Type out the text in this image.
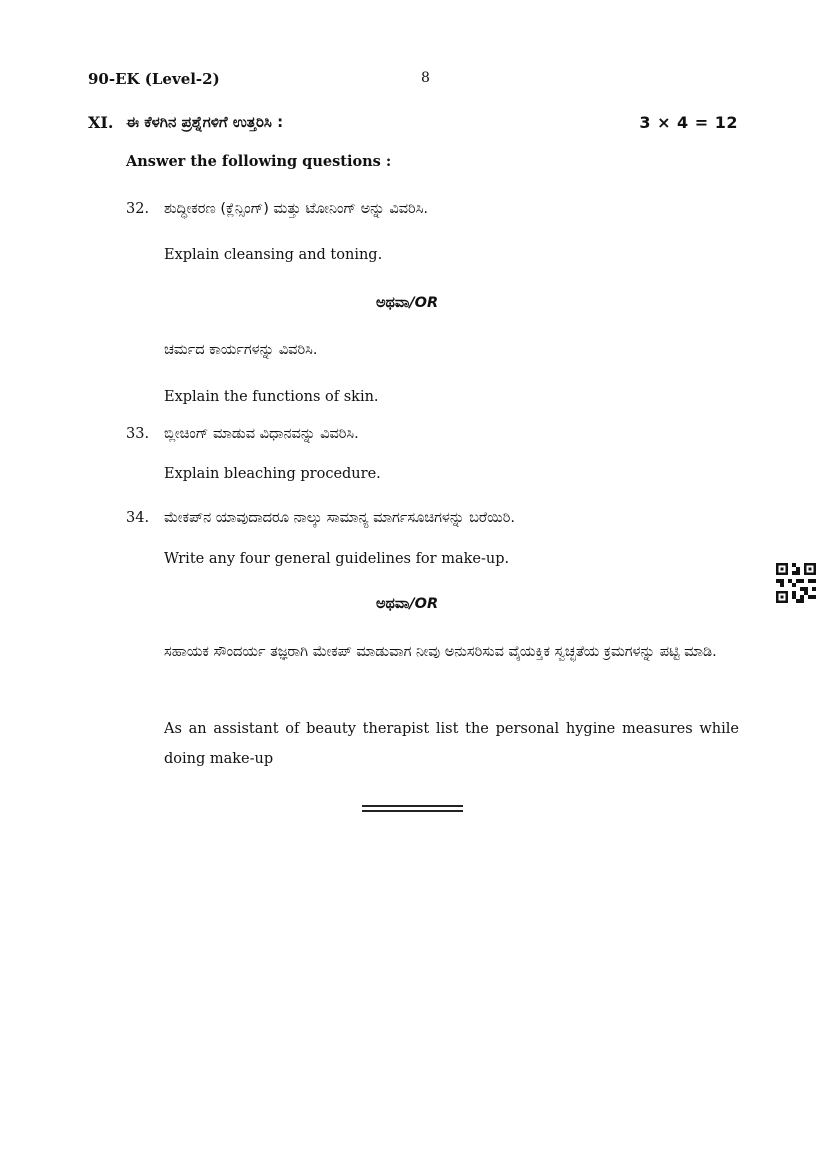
90-EK (Level-2)	8
XI. ಈ ಕೆಳಗಿನ ಪ್ರಶ್ನೆಗಳಿಗೆ ಉತ್ತರಿಸಿ :	3 × 4 = 12
Answer the following questions :
32. ಶುದ್ಧೀಕರಣ (ಕ್ಲೆನ್ಸಿಂಗ್) ಮತ್ತು ಟೋನಿಂಗ್ ಅನ್ನು ವಿವರಿಸಿ.
Explain cleansing and toning.
ಅಥವಾ/OR
ಚರ್ಮದ ಕಾರ್ಯಗಳನ್ನು ವಿವರಿಸಿ.
Explain the functions of skin.
33. ಬ್ಲೀಚಿಂಗ್ ಮಾಡುವ ವಿಧಾನವನ್ನು ವಿವರಿಸಿ.
Explain bleaching procedure.
34. ಮೇಕಪ್‌ನ ಯಾವುದಾದರೂ ನಾಲ್ಕು ಸಾಮಾನ್ಯ ಮಾರ್ಗಸೂಚಿಗಳನ್ನು ಬರೆಯಿರಿ.
Write any four general guidelines for make-up.
ಅಥವಾ/OR
ಸಹಾಯಕ ಸೌಂದರ್ಯ ತಜ್ಞರಾಗಿ ಮೇಕಪ್ ಮಾಡುವಾಗ ನೀವು ಅನುಸರಿಸುವ ವೈಯಕ್ತಿಕ ಸ್ವಚ್ಛತೆಯ ಕ್ರಮಗಳನ್ನು ಪಟ್ಟಿ ಮಾಡಿ.
As an assistant of beauty therapist list the personal hygine measures while doing make-up
